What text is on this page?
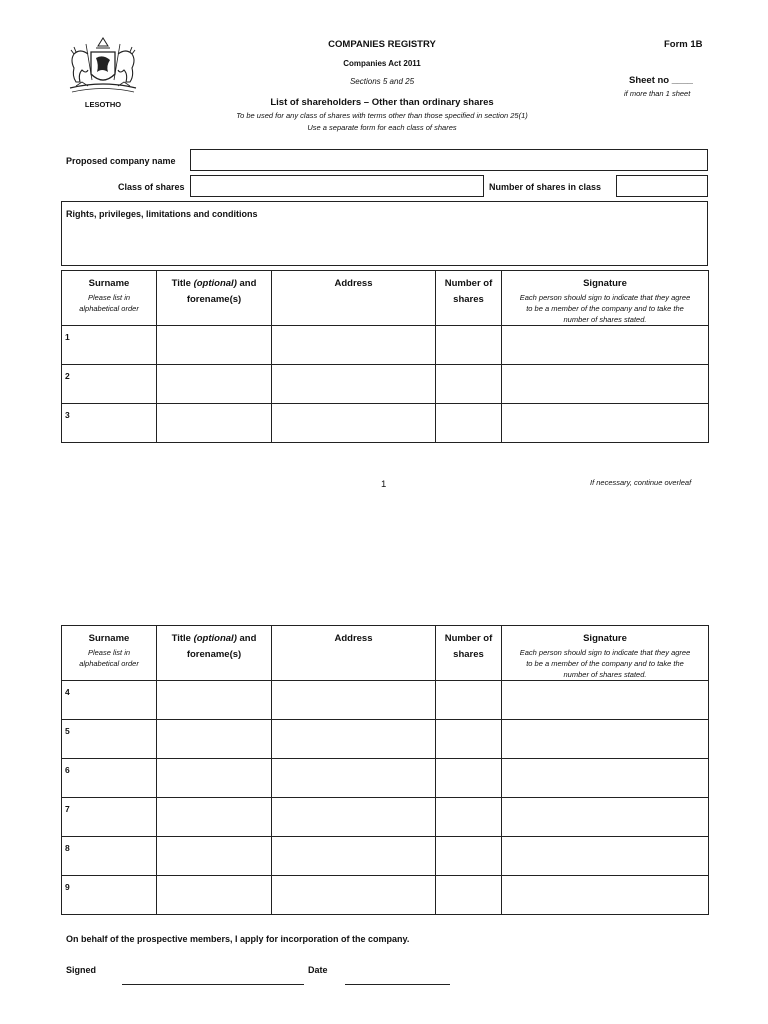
LESOTHO
COMPANIES REGISTRY	Form 1B
Companies Act 2011
Sections 5 and 25	Sheet no ____
if more than 1 sheet
List of shareholders – Other than ordinary shares
To be used for any class of shares with terms other than those specified in section 25(1)
Use a separate form for each class of shares
Proposed company name
Class of shares	Number of shares in class
Rights, privileges, limitations and conditions
Surname
Please list in
alphabetical order	Title (optional) and
forename(s)	Address	Number of
shares	Signature
Each person should sign to indicate that they agree
to be a member of the company and to take the
number of shares stated.

1				

2				

3				

1	If necessary, continue overleaf
Surname
Please list in
alphabetical order	Title (optional) and
forename(s)	Address	Number of
shares	Signature
Each person should sign to indicate that they agree
to be a member of the company and to take the
number of shares stated.

4				

5				

6				

7				

8				

9				

On behalf of the prospective members, I apply for incorporation of the company.
Signed	Date
